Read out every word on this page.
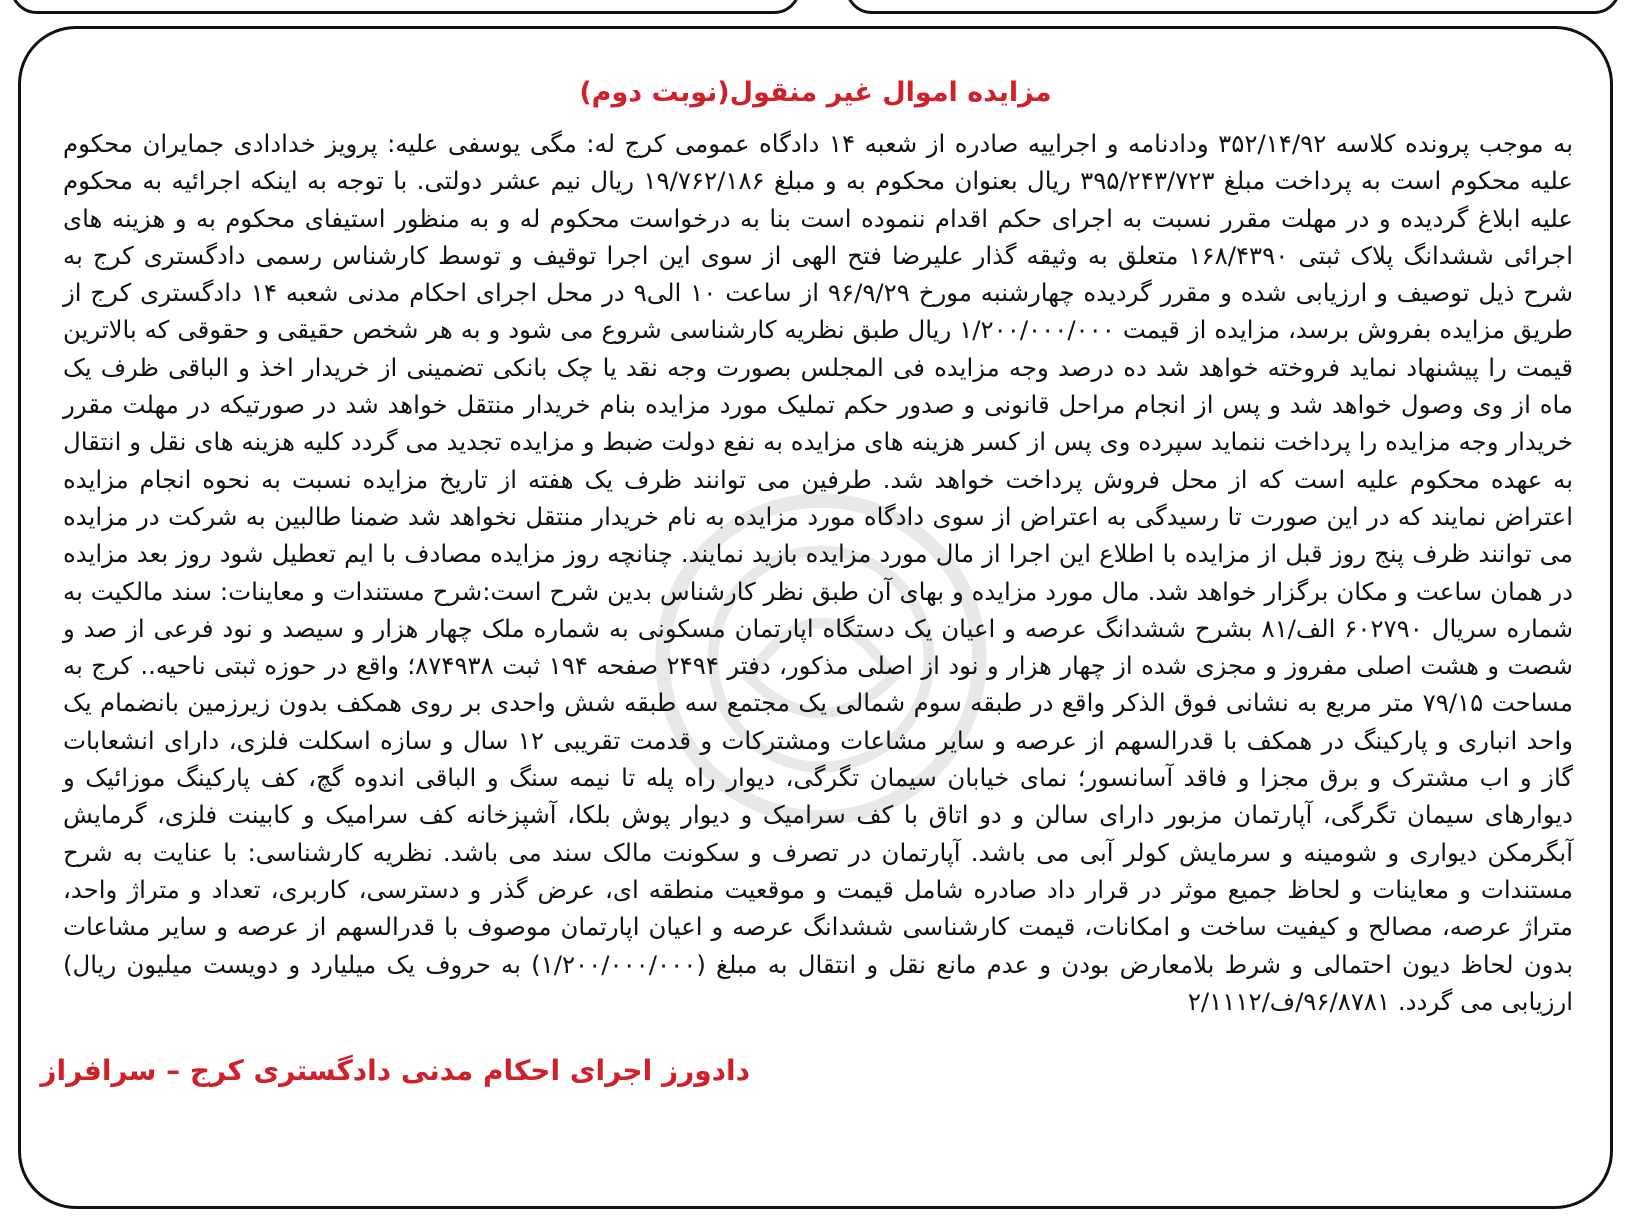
مزایده اموال غیر منقول(نوبت دوم)

به موجب پرونده کلاسه ۳۵۲/۱۴/۹۲ ودادنامه و اجراییه صادره از شعبه ۱۴ دادگاه عمومی کرج له: مگی یوسفی علیه: پرویز خدادادی جمایران محکوم علیه محکوم است به پرداخت مبلغ ۳۹۵/۲۴۳/۷۲۳ ریال بعنوان محکوم به و مبلغ ۱۹/۷۶۲/۱۸۶ ریال نیم عشر دولتی. با توجه به اینکه اجرائیه به محکوم علیه ابلاغ گردیده و در مهلت مقرر نسبت به اجرای حکم اقدام ننموده است بنا به درخواست محکوم له و به منظور استیفای محکوم به و هزینه های اجرائی ششدانگ پلاک ثبتی ۱۶۸/۴۳۹۰ متعلق به وثیقه گذار علیرضا فتح الهی از سوی این اجرا توقیف و توسط کارشناس رسمی دادگستری کرج به شرح ذیل توصیف و ارزیابی شده و مقرر گردیده چهارشنبه مورخ ۹۶/۹/۲۹ از ساعت ۱۰ الی۹ در محل اجرای احکام مدنی شعبه ۱۴ دادگستری کرج از طریق مزایده بفروش برسد، مزایده از قیمت ۱/۲۰۰/۰۰۰/۰۰۰ ریال طبق نظریه کارشناسی شروع می شود و به هر شخص حقیقی و حقوقی که بالاترین قیمت را پیشنهاد نماید فروخته خواهد شد ده درصد وجه مزایده فی المجلس بصورت وجه نقد یا چک بانکی تضمینی از خریدار اخذ و الباقی ظرف یک ماه از وی وصول خواهد شد و پس از انجام مراحل قانونی و صدور حکم تملیک مورد مزایده بنام خریدار منتقل خواهد شد در صورتیکه در مهلت مقرر خریدار وجه مزایده را پرداخت ننماید سپرده وی پس از کسر هزینه های مزایده به نفع دولت ضبط و مزایده تجدید می گردد کلیه هزینه های نقل و انتقال به عهده محکوم علیه است که از محل فروش پرداخت خواهد شد. طرفین می توانند ظرف یک هفته از تاریخ مزایده نسبت به نحوه انجام مزایده اعتراض نمایند که در این صورت تا رسیدگی به اعتراض از سوی دادگاه مورد مزایده به نام خریدار منتقل نخواهد شد ضمنا طالبین به شرکت در مزایده می توانند ظرف پنج روز قبل از مزایده با اطلاع این اجرا از مال مورد مزایده بازید نمایند. چنانچه روز مزایده مصادف با ایم تعطیل شود روز بعد مزایده در همان ساعت و مکان برگزار خواهد شد. مال مورد مزایده و بهای آن طبق نظر کارشناس بدین شرح است:شرح مستندات و معاینات: سند مالکیت به شماره سریال ۶۰۲۷۹۰ الف/۸۱ بشرح ششدانگ عرصه و اعیان یک دستگاه اپارتمان مسکونی به شماره ملک چهار هزار و سیصد و نود فرعی از صد و شصت و هشت اصلی مفروز و مجزی شده از چهار هزار و نود از اصلی مذکور، دفتر ۲۴۹۴ صفحه ۱۹۴ ثبت ۸۷۴۹۳۸؛ واقع در حوزه ثبتی ناحیه.. کرج به مساحت ۷۹/۱۵ متر مربع به نشانی فوق الذکر واقع در طبقه سوم شمالی یک مجتمع سه طبقه شش واحدی بر روی همکف بدون زیرزمین بانضمام یک واحد انباری و پارکینگ در همکف با قدرالسهم از عرصه و سایر مشاعات ومشترکات و قدمت تقریبی ۱۲ سال و سازه اسکلت فلزی، دارای انشعابات گاز و اب مشترک و برق مجزا و فاقد آسانسور؛ نمای خیابان سیمان تگرگی، دیوار راه پله تا نیمه سنگ و الباقی اندوه گچ، کف پارکینگ موزائیک و دیوارهای سیمان تگرگی، آپارتمان مزبور دارای سالن و دو اتاق با کف سرامیک و دیوار پوش بلکا، آشپزخانه کف سرامیک و کابینت فلزی، گرمایش آبگرمکن دیواری و شومینه و سرمایش کولر آبی می باشد. آپارتمان در تصرف و سکونت مالک سند می باشد. نظریه کارشناسی: با عنایت به شرح مستندات و معاینات و لحاظ جمیع موثر در قرار داد صادره شامل قیمت و موقعیت منطقه ای، عرض گذر و دسترسی، کاربری، تعداد و متراژ واحد، متراژ عرصه، مصالح و کیفیت ساخت و امکانات، قیمت کارشناسی ششدانگ عرصه و اعیان اپارتمان موصوف با قدرالسهم از عرصه و سایر مشاعات بدون لحاظ دیون احتمالی و شرط بلامعارض بودن و عدم مانع نقل و انتقال به مبلغ (۱/۲۰۰/۰۰۰/۰۰۰) به حروف یک میلیارد و دویست میلیون ریال) ارزیابی می گردد. ۹۶/۸۷۸۱/ف/۲/۱۱۱۲

دادورز اجرای احکام مدنی دادگستری کرج – سرافراز
